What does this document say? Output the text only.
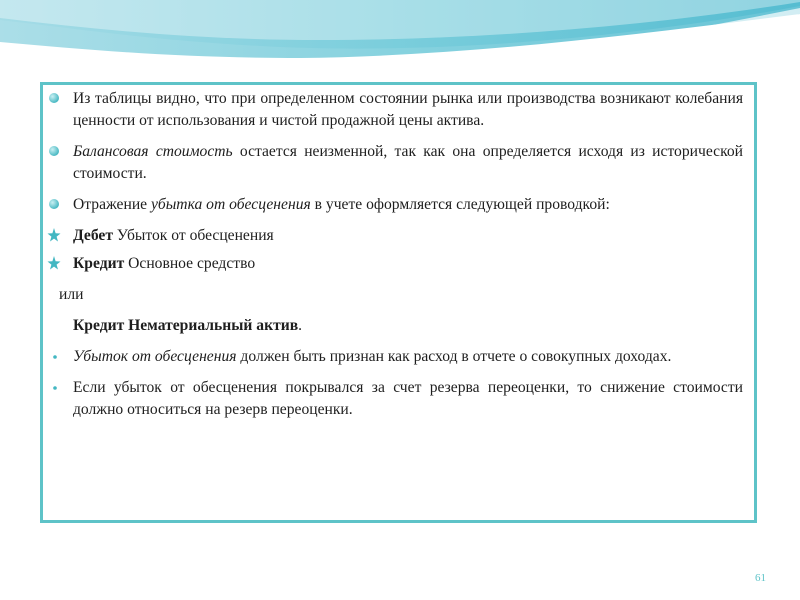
Из таблицы видно, что при определенном состоянии рынка или производства возникают колебания ценности от использования и чистой продажной цены актива.
Балансовая стоимость остается неизменной, так как она определяется исходя из исторической стоимости.
Отражение убытка от обесценения в учете оформляется следующей проводкой:
Дебет Убыток от обесценения
Кредит Основное средство
или
Кредит Нематериальный актив.
Убыток от обесценения должен быть признан как расход в отчете о совокупных доходах.
Если убыток от обесценения покрывался за счет резерва переоценки, то снижение стоимости должно относиться на резерв переоценки.
61
